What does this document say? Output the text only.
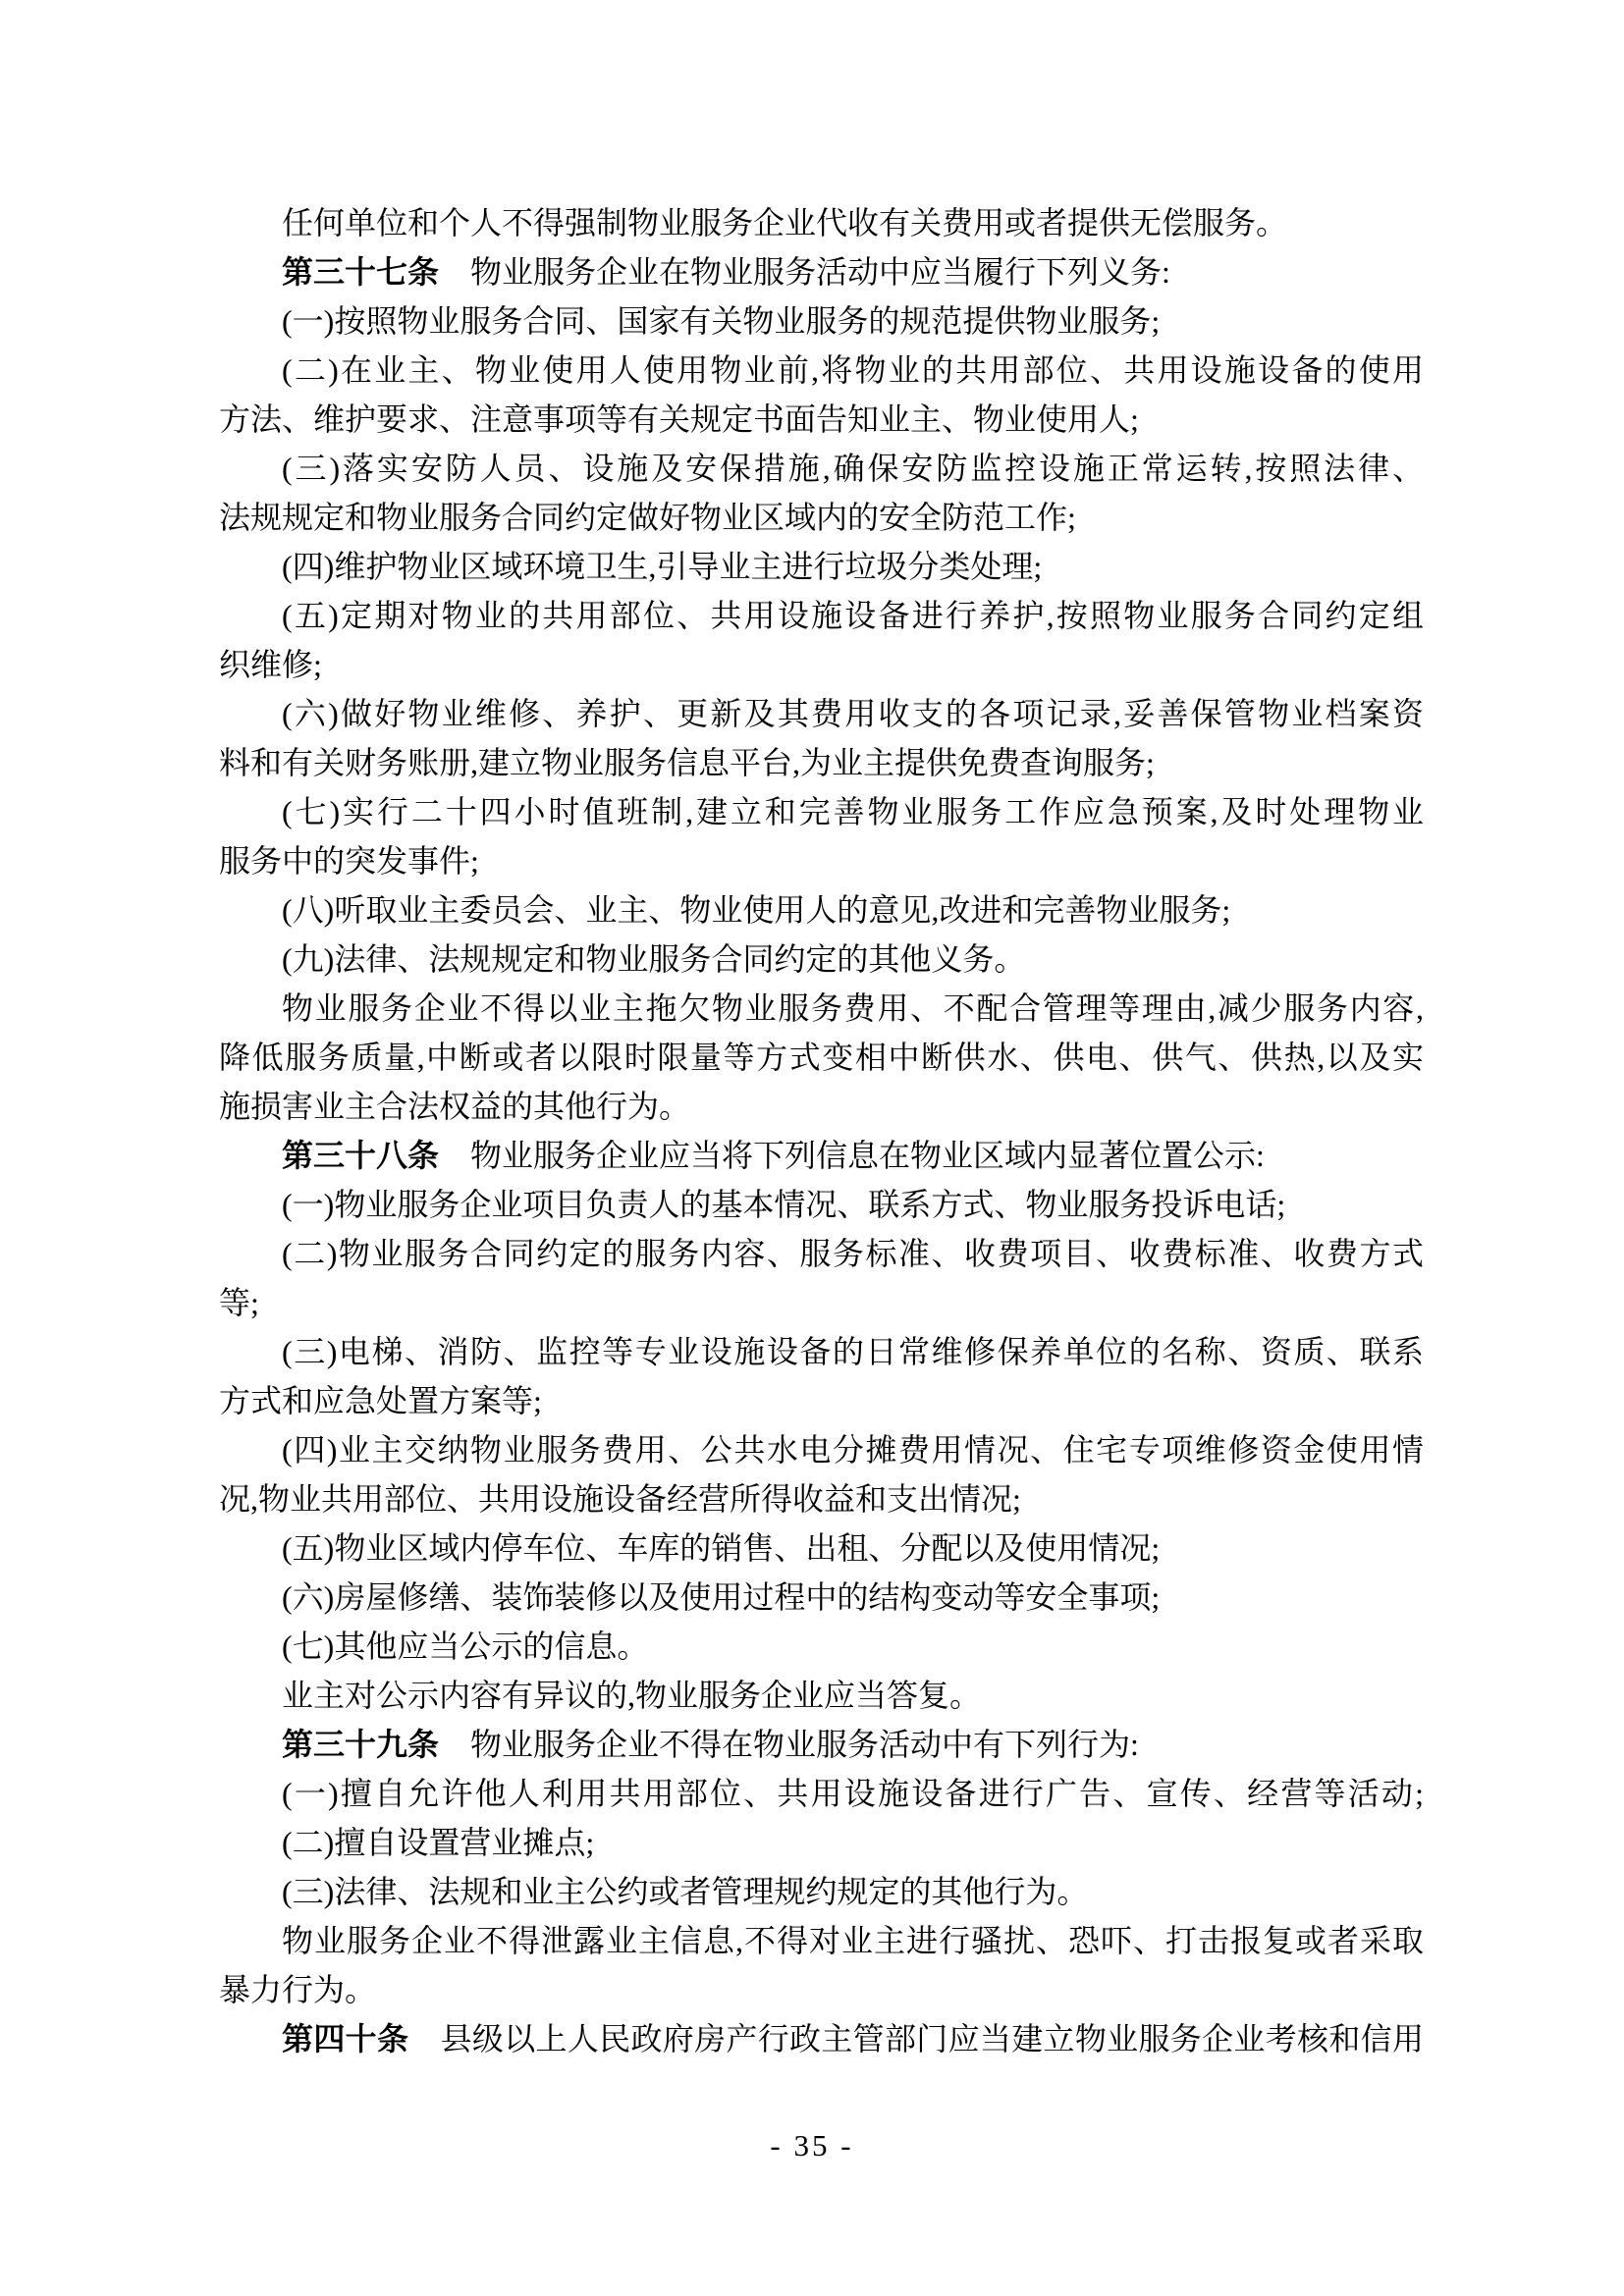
任何单位和个人不得强制物业服务企业代收有关费用或者提供无偿服务。
第三十七条　物业服务企业在物业服务活动中应当履行下列义务:
(一)按照物业服务合同、国家有关物业服务的规范提供物业服务;
(二)在业主、物业使用人使用物业前,将物业的共用部位、共用设施设备的使用
方法、维护要求、注意事项等有关规定书面告知业主、物业使用人;
(三)落实安防人员、设施及安保措施,确保安防监控设施正常运转,按照法律、
法规规定和物业服务合同约定做好物业区域内的安全防范工作;
(四)维护物业区域环境卫生,引导业主进行垃圾分类处理;
(五)定期对物业的共用部位、共用设施设备进行养护,按照物业服务合同约定组
织维修;
(六)做好物业维修、养护、更新及其费用收支的各项记录,妥善保管物业档案资
料和有关财务账册,建立物业服务信息平台,为业主提供免费查询服务;
(七)实行二十四小时值班制,建立和完善物业服务工作应急预案,及时处理物业
服务中的突发事件;
(八)听取业主委员会、业主、物业使用人的意见,改进和完善物业服务;
(九)法律、法规规定和物业服务合同约定的其他义务。
物业服务企业不得以业主拖欠物业服务费用、不配合管理等理由,减少服务内容,
降低服务质量,中断或者以限时限量等方式变相中断供水、供电、供气、供热,以及实
施损害业主合法权益的其他行为。
第三十八条　物业服务企业应当将下列信息在物业区域内显著位置公示:
(一)物业服务企业项目负责人的基本情况、联系方式、物业服务投诉电话;
(二)物业服务合同约定的服务内容、服务标准、收费项目、收费标准、收费方式
等;
(三)电梯、消防、监控等专业设施设备的日常维修保养单位的名称、资质、联系
方式和应急处置方案等;
(四)业主交纳物业服务费用、公共水电分摊费用情况、住宅专项维修资金使用情
况,物业共用部位、共用设施设备经营所得收益和支出情况;
(五)物业区域内停车位、车库的销售、出租、分配以及使用情况;
(六)房屋修缮、装饰装修以及使用过程中的结构变动等安全事项;
(七)其他应当公示的信息。
业主对公示内容有异议的,物业服务企业应当答复。
第三十九条　物业服务企业不得在物业服务活动中有下列行为:
(一)擅自允许他人利用共用部位、共用设施设备进行广告、宣传、经营等活动;
(二)擅自设置营业摊点;
(三)法律、法规和业主公约或者管理规约规定的其他行为。
物业服务企业不得泄露业主信息,不得对业主进行骚扰、恐吓、打击报复或者采取
暴力行为。
第四十条　县级以上人民政府房产行政主管部门应当建立物业服务企业考核和信用
- 35 -
